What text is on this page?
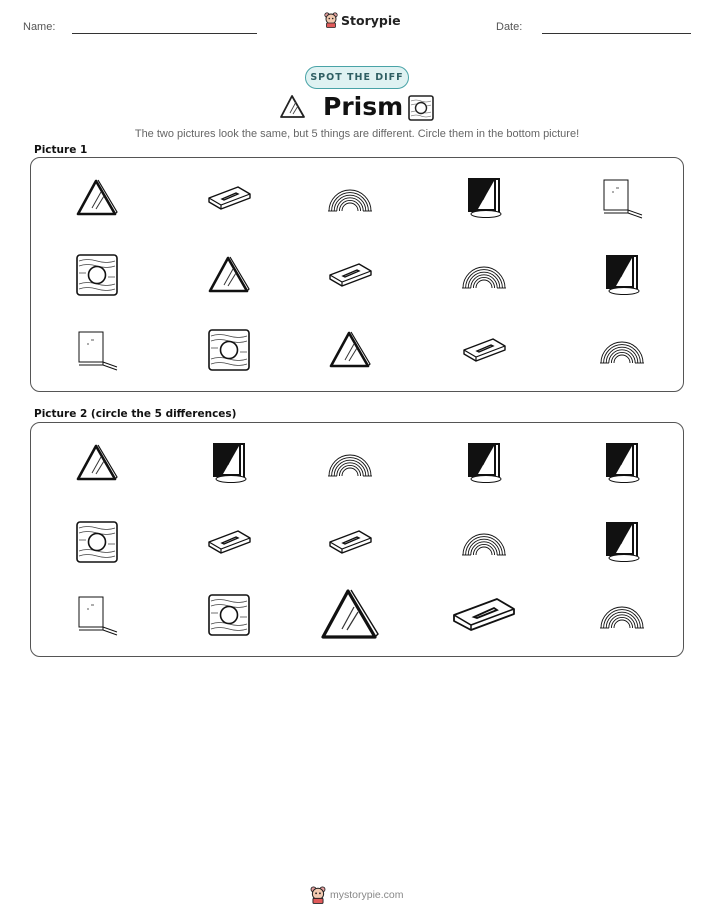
Name:	Storypie	Date:
SPOT THE DIFF
Prism
The two pictures look the same, but 5 things are different. Circle them in the bottom picture!
Picture 1
Picture 2 (circle the 5 differences)
mystorypie.com
